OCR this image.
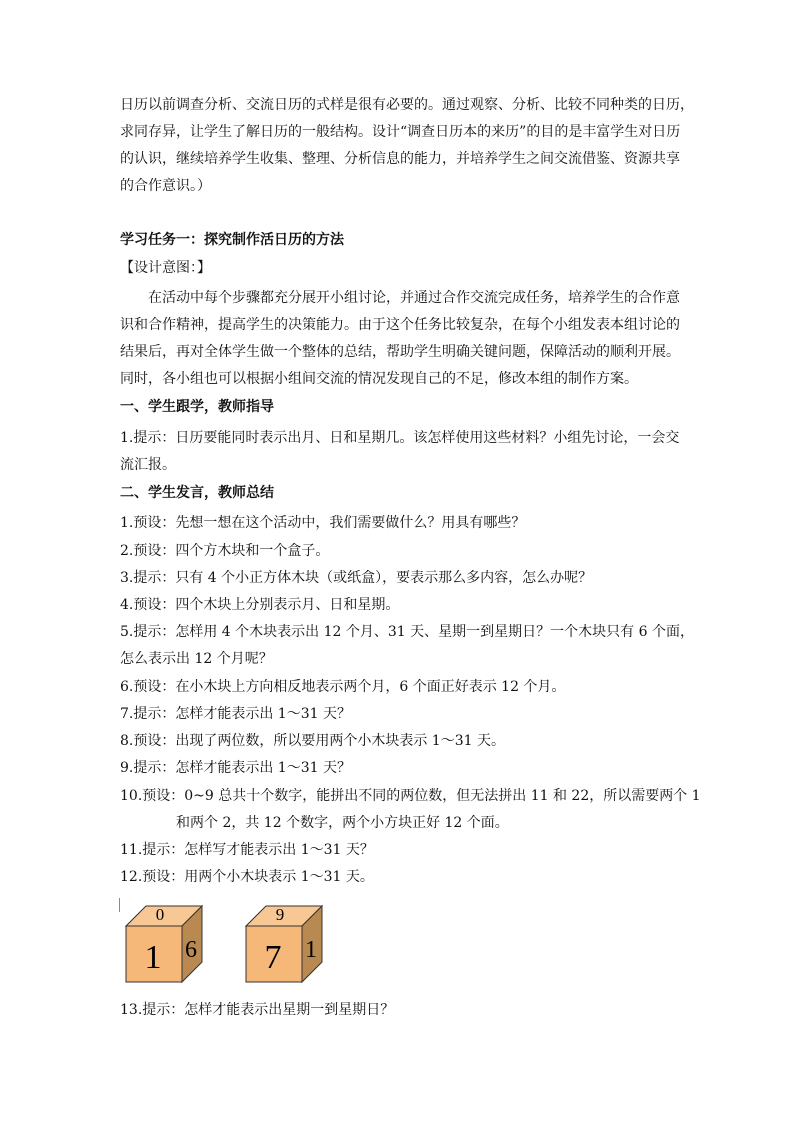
日历以前调查分析、交流日历的式样是很有必要的。通过观察、分析、比较不同种类的日历，
求同存异，让学生了解日历的一般结构。设计“调查日历本的来历”的目的是丰富学生对日历
的认识，继续培养学生收集、整理、分析信息的能力，并培养学生之间交流借鉴、资源共享
的合作意识。）
学习任务一：探究制作活日历的方法
【设计意图：】
在活动中每个步骤都充分展开小组讨论，并通过合作交流完成任务，培养学生的合作意
识和合作精神，提高学生的决策能力。由于这个任务比较复杂，在每个小组发表本组讨论的
结果后，再对全体学生做一个整体的总结，帮助学生明确关键问题，保障活动的顺利开展。
同时，各小组也可以根据小组间交流的情况发现自己的不足，修改本组的制作方案。
一、学生跟学，教师指导
1.提示：日历要能同时表示出月、日和星期几。该怎样使用这些材料？小组先讨论，一会交
流汇报。
二、学生发言，教师总结
1.预设：先想一想在这个活动中，我们需要做什么？用具有哪些？
2.预设：四个方木块和一个盒子。
3.提示：只有 4 个小正方体木块（或纸盒），要表示那么多内容，怎么办呢？
4.预设：四个木块上分别表示月、日和星期。
5.提示：怎样用 4 个木块表示出 12 个月、31 天、星期一到星期日？一个木块只有 6 个面，
怎么表示出 12 个月呢？
6.预设：在小木块上方向相反地表示两个月，6 个面正好表示 12 个月。
7.提示：怎样才能表示出 1～31 天？
8.预设：出现了两位数，所以要用两个小木块表示 1～31 天。
9.提示：怎样才能表示出 1～31 天？
10.预设：0~9 总共十个数字，能拼出不同的两位数，但无法拼出 11 和 22，所以需要两个 1
和两个 2，共 12 个数字，两个小方块正好 12 个面。
11.提示：怎样写才能表示出 1～31 天？
12.预设：用两个小木块表示 1～31 天。
0
1 6
9
7 1
13.提示：怎样才能表示出星期一到星期日？
